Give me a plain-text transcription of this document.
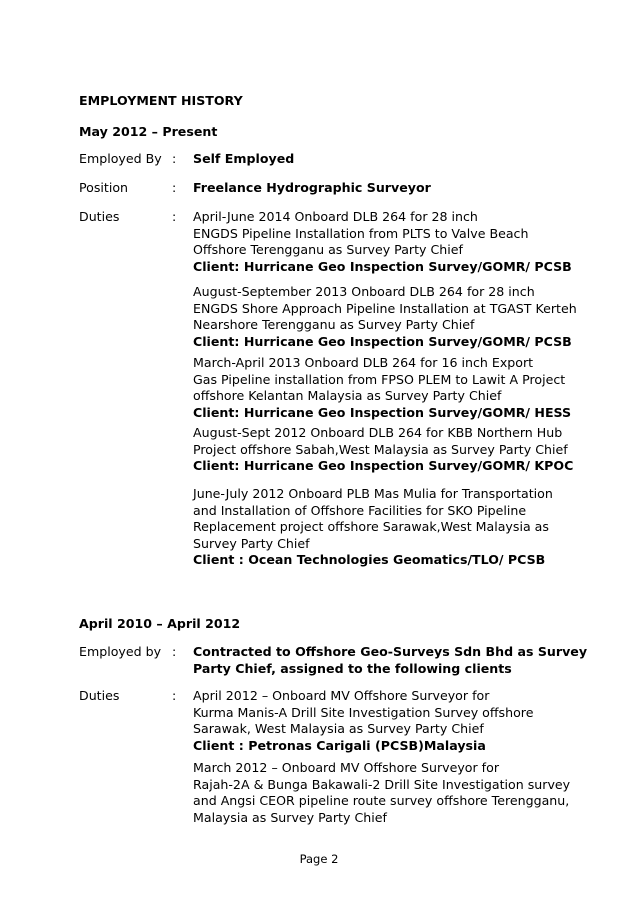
EMPLOYMENT HISTORY
May 2012 – Present
Employed By : Self Employed
Position	: Freelance Hydrographic Surveyor
Duties	: April-June 2014 Onboard DLB 264 for 28 inch
ENGDS Pipeline Installation from PLTS to Valve Beach
Offshore Terengganu as Survey Party Chief
Client: Hurricane Geo Inspection Survey/GOMR/ PCSB
August-September 2013 Onboard DLB 264 for 28 inch
ENGDS Shore Approach Pipeline Installation at TGAST Kerteh
Nearshore Terengganu as Survey Party Chief
Client: Hurricane Geo Inspection Survey/GOMR/ PCSB
March-April 2013 Onboard DLB 264 for 16 inch Export
Gas Pipeline installation from FPSO PLEM to Lawit A Project
offshore Kelantan Malaysia as Survey Party Chief
Client: Hurricane Geo Inspection Survey/GOMR/ HESS
August-Sept 2012 Onboard DLB 264 for KBB Northern Hub
Project offshore Sabah,West Malaysia as Survey Party Chief
Client: Hurricane Geo Inspection Survey/GOMR/ KPOC
June-July 2012 Onboard PLB Mas Mulia for Transportation
and Installation of Offshore Facilities for SKO Pipeline
Replacement project offshore Sarawak,West Malaysia as
Survey Party Chief
Client : Ocean Technologies Geomatics/TLO/ PCSB
April 2010 – April 2012
Employed by : Contracted to Offshore Geo-Surveys Sdn Bhd as Survey
Party Chief, assigned to the following clients
Duties	: April 2012 – Onboard MV Offshore Surveyor for
Kurma Manis-A Drill Site Investigation Survey offshore
Sarawak, West Malaysia as Survey Party Chief
Client : Petronas Carigali (PCSB)Malaysia
March 2012 – Onboard MV Offshore Surveyor for
Rajah-2A & Bunga Bakawali-2 Drill Site Investigation survey
and Angsi CEOR pipeline route survey offshore Terengganu,
Malaysia as Survey Party Chief
Page 2
